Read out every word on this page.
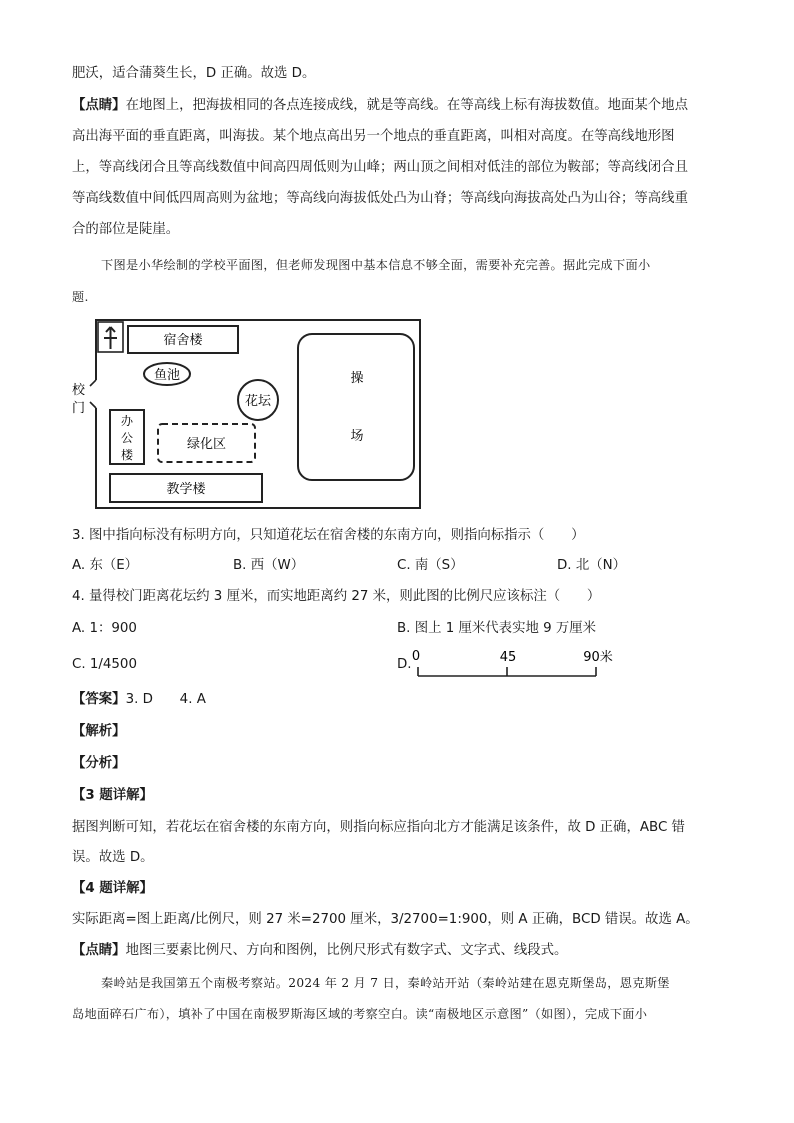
肥沃，适合蒲葵生长，D 正确。故选 D。
【点睛】在地图上，把海拔相同的各点连接成线，就是等高线。在等高线上标有海拔数值。地面某个地点
高出海平面的垂直距离，叫海拔。某个地点高出另一个地点的垂直距离，叫相对高度。在等高线地形图
上，等高线闭合且等高线数值中间高四周低则为山峰；两山顶之间相对低洼的部位为鞍部；等高线闭合且
等高线数值中间低四周高则为盆地；等高线向海拔低处凸为山脊；等高线向海拔高处凸为山谷；等高线重
合的部位是陡崖。
下图是小华绘制的学校平面图，但老师发现图中基本信息不够全面，需要补充完善。据此完成下面小
题.
宿舍楼
鱼池
花坛
校
门
办
公
楼
绿化区
教学楼
操
场
3. 图中指向标没有标明方向，只知道花坛在宿舍楼的东南方向，则指向标指示（　　）
A. 东（E）	B. 西（W）	C. 南（S）	D. 北（N）
4. 量得校门距离花坛约 3 厘米，而实地距离约 27 米，则此图的比例尺应该标注（　　）
A. 1：900	B. 图上 1 厘米代表实地 9 万厘米
C. 1/4500	D.
0	45	90米
【答案】3. D　　4. A
【解析】
【分析】
【3 题详解】
据图判断可知，若花坛在宿舍楼的东南方向，则指向标应指向北方才能满足该条件，故 D 正确，ABC 错
误。故选 D。
【4 题详解】
实际距离=图上距离/比例尺，则 27 米=2700 厘米，3/2700=1:900，则 A 正确，BCD 错误。故选 A。
【点睛】地图三要素比例尺、方向和图例，比例尺形式有数字式、文字式、线段式。
秦岭站是我国第五个南极考察站。2024 年 2 月 7 日，秦岭站开站（秦岭站建在恩克斯堡岛，恩克斯堡
岛地面碎石广布），填补了中国在南极罗斯海区域的考察空白。读“南极地区示意图”（如图），完成下面小
